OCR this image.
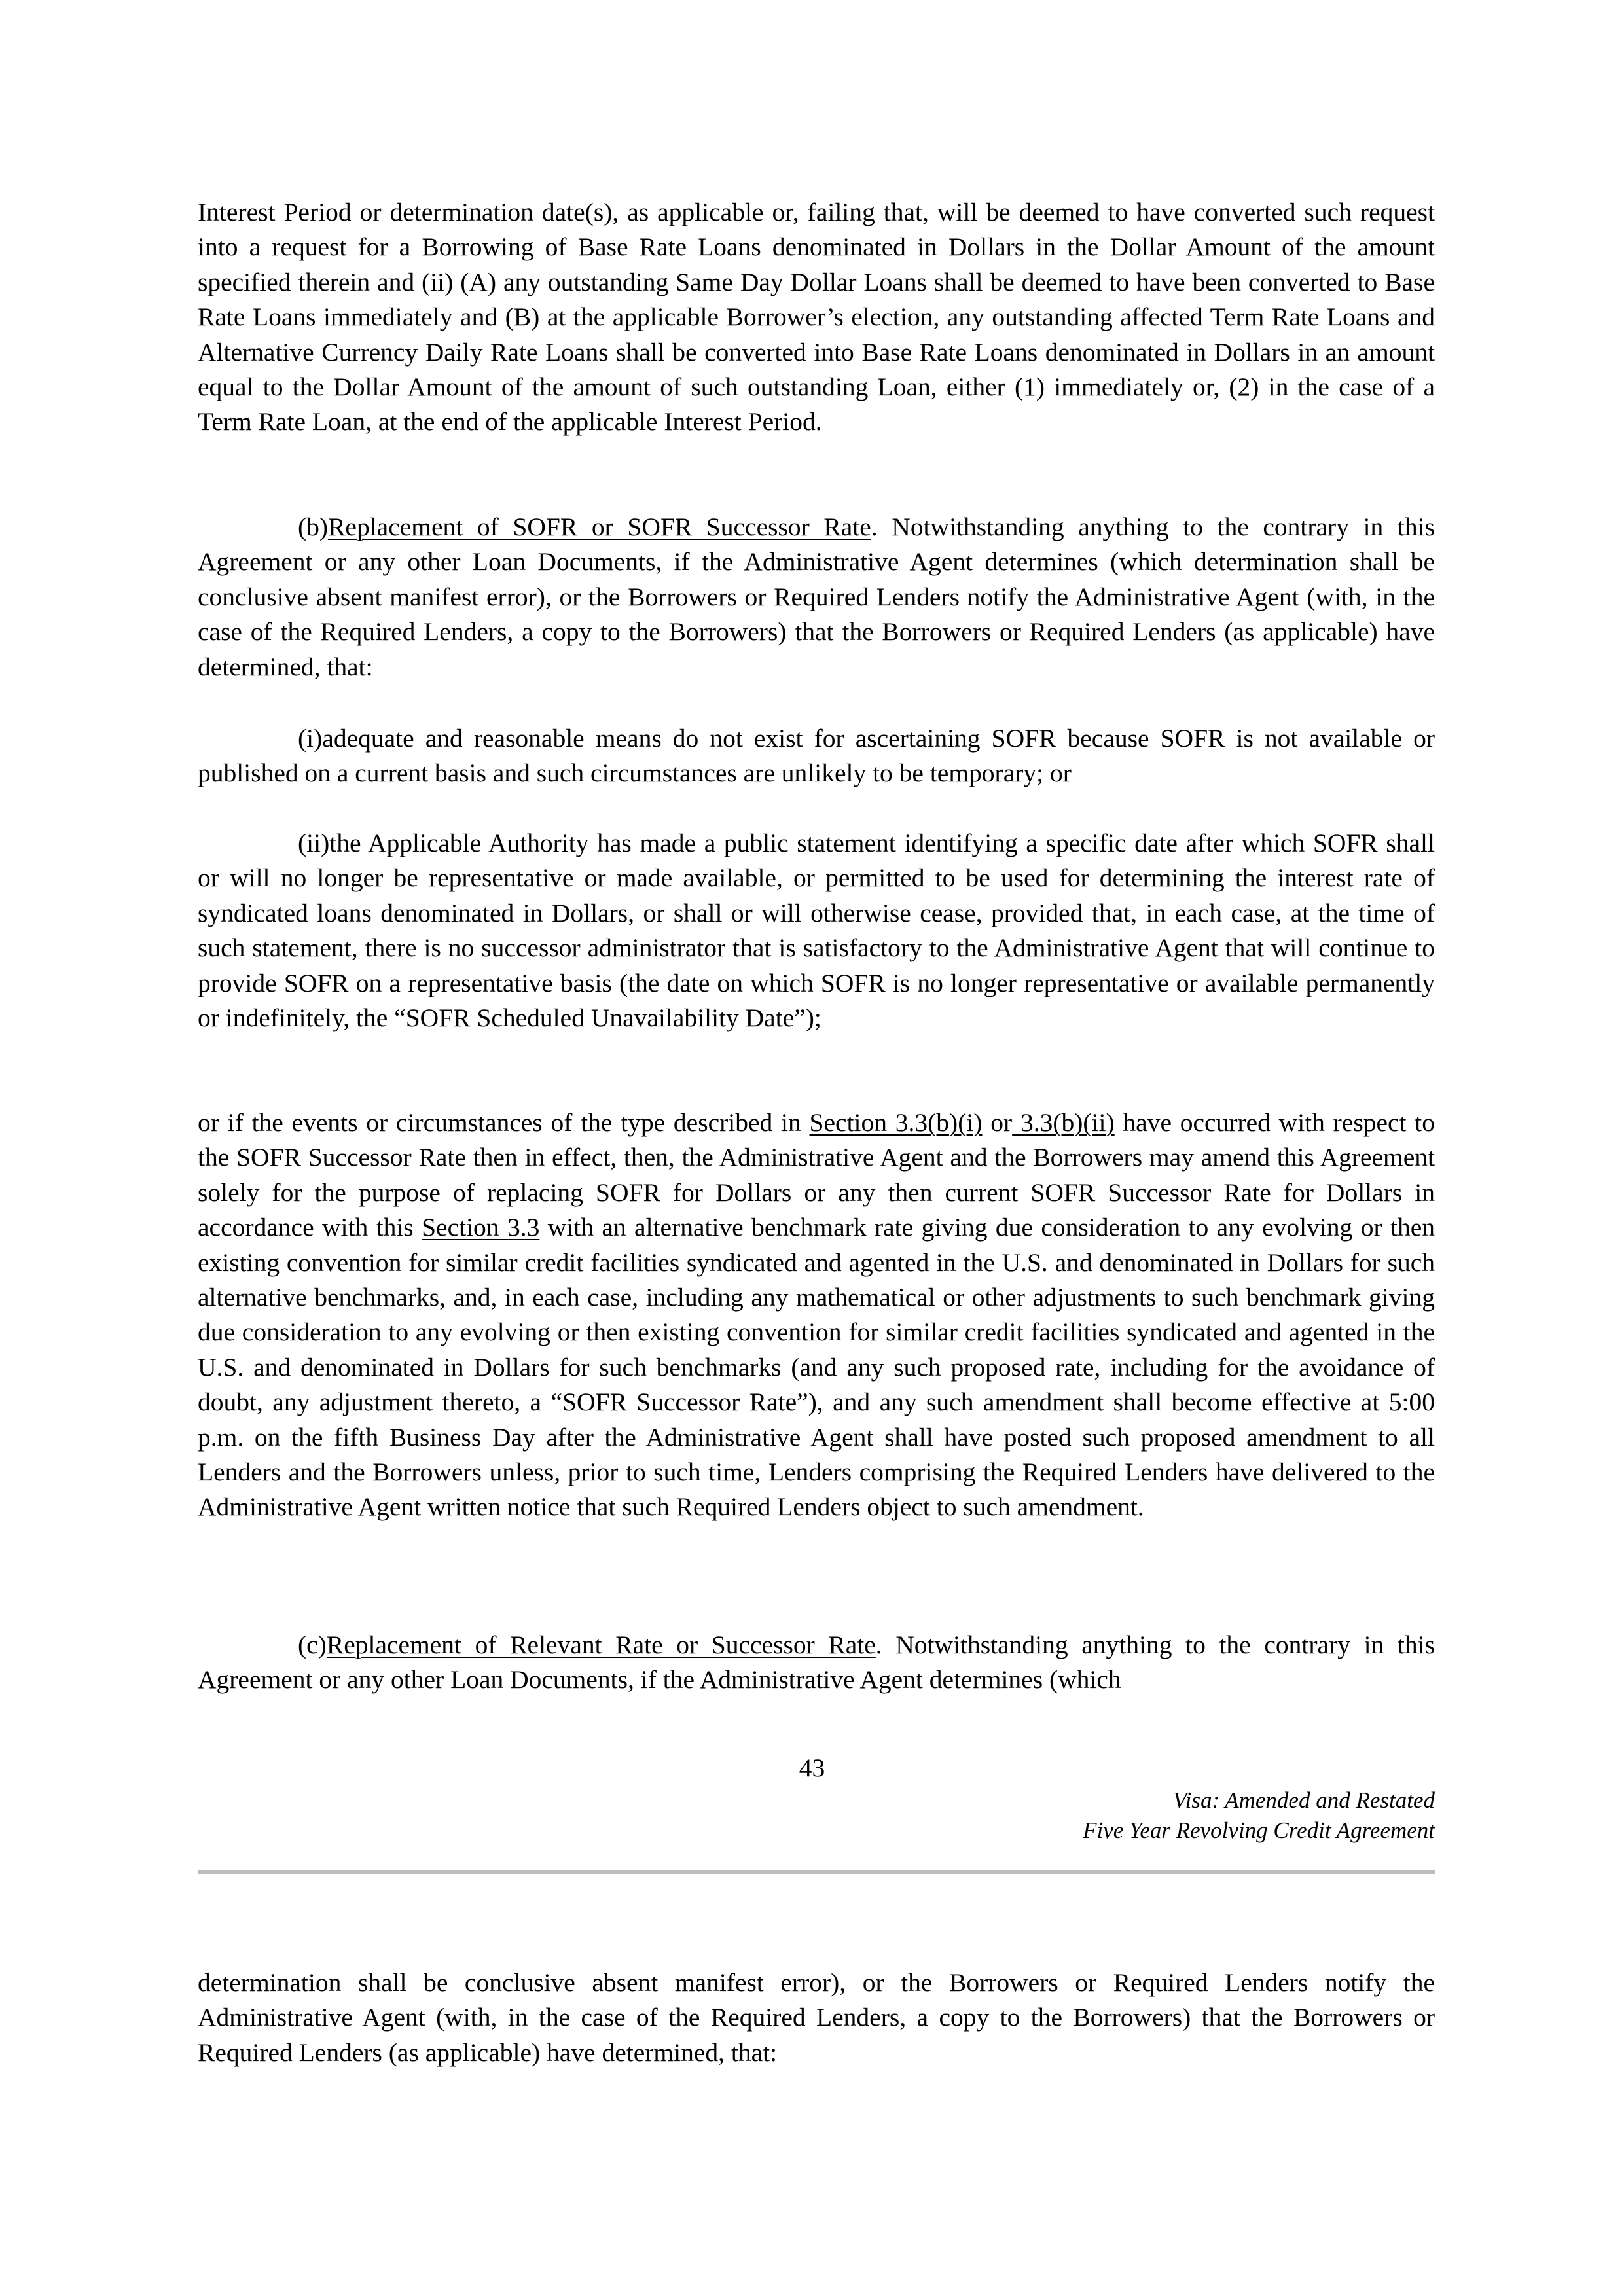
Interest Period or determination date(s), as applicable or, failing that, will be deemed to have converted such request into a request for a Borrowing of Base Rate Loans denominated in Dollars in the Dollar Amount of the amount specified therein and (ii) (A) any outstanding Same Day Dollar Loans shall be deemed to have been converted to Base Rate Loans immediately and (B) at the applicable Borrower’s election, any outstanding affected Term Rate Loans and Alternative Currency Daily Rate Loans shall be converted into Base Rate Loans denominated in Dollars in an amount equal to the Dollar Amount of the amount of such outstanding Loan, either (1) immediately or, (2) in the case of a Term Rate Loan, at the end of the applicable Interest Period.

(b)Replacement of SOFR or SOFR Successor Rate. Notwithstanding anything to the contrary in this Agreement or any other Loan Documents, if the Administrative Agent determines (which determination shall be conclusive absent manifest error), or the Borrowers or Required Lenders notify the Administrative Agent (with, in the case of the Required Lenders, a copy to the Borrowers) that the Borrowers or Required Lenders (as applicable) have determined, that:

(i)adequate and reasonable means do not exist for ascertaining SOFR because SOFR is not available or published on a current basis and such circumstances are unlikely to be temporary; or

(ii)the Applicable Authority has made a public statement identifying a specific date after which SOFR shall or will no longer be representative or made available, or permitted to be used for determining the interest rate of syndicated loans denominated in Dollars, or shall or will otherwise cease, provided that, in each case, at the time of such statement, there is no successor administrator that is satisfactory to the Administrative Agent that will continue to provide SOFR on a representative basis (the date on which SOFR is no longer representative or available permanently or indefinitely, the “SOFR Scheduled Unavailability Date”);

or if the events or circumstances of the type described in Section 3.3(b)(i) or 3.3(b)(ii) have occurred with respect to the SOFR Successor Rate then in effect, then, the Administrative Agent and the Borrowers may amend this Agreement solely for the purpose of replacing SOFR for Dollars or any then current SOFR Successor Rate for Dollars in accordance with this Section 3.3 with an alternative benchmark rate giving due consideration to any evolving or then existing convention for similar credit facilities syndicated and agented in the U.S. and denominated in Dollars for such alternative benchmarks, and, in each case, including any mathematical or other adjustments to such benchmark giving due consideration to any evolving or then existing convention for similar credit facilities syndicated and agented in the U.S. and denominated in Dollars for such benchmarks (and any such proposed rate, including for the avoidance of doubt, any adjustment thereto, a “SOFR Successor Rate”), and any such amendment shall become effective at 5:00 p.m. on the fifth Business Day after the Administrative Agent shall have posted such proposed amendment to all Lenders and the Borrowers unless, prior to such time, Lenders comprising the Required Lenders have delivered to the Administrative Agent written notice that such Required Lenders object to such amendment.

(c)Replacement of Relevant Rate or Successor Rate. Notwithstanding anything to the contrary in this Agreement or any other Loan Documents, if the Administrative Agent determines (which

43
Visa: Amended and Restated
Five Year Revolving Credit Agreement

determination shall be conclusive absent manifest error), or the Borrowers or Required Lenders notify the Administrative Agent (with, in the case of the Required Lenders, a copy to the Borrowers) that the Borrowers or Required Lenders (as applicable) have determined, that:
